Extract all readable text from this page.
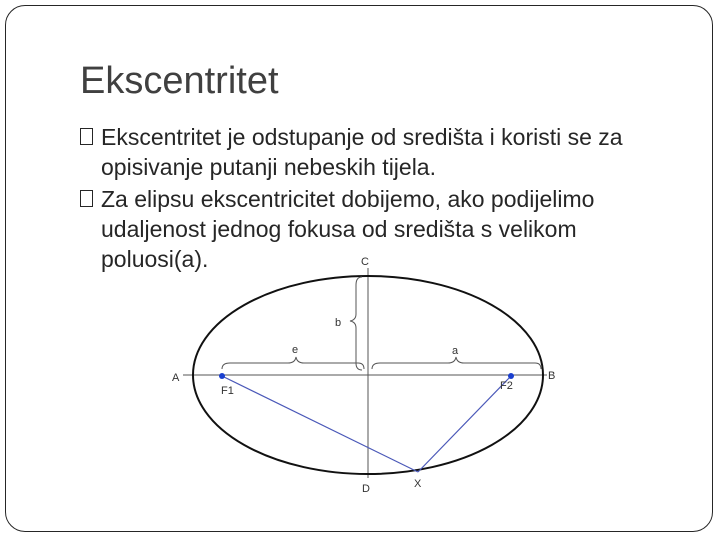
Ekscentritet
Ekscentritet je odstupanje od središta i koristi se za opisivanje putanji nebeskih tijela.
Za elipsu ekscentricitet dobijemo, ako podijelimo udaljenost jednog fokusa od središta s velikom poluosi(a).	C
b
e	a
A	B
F1	F2
D	X
